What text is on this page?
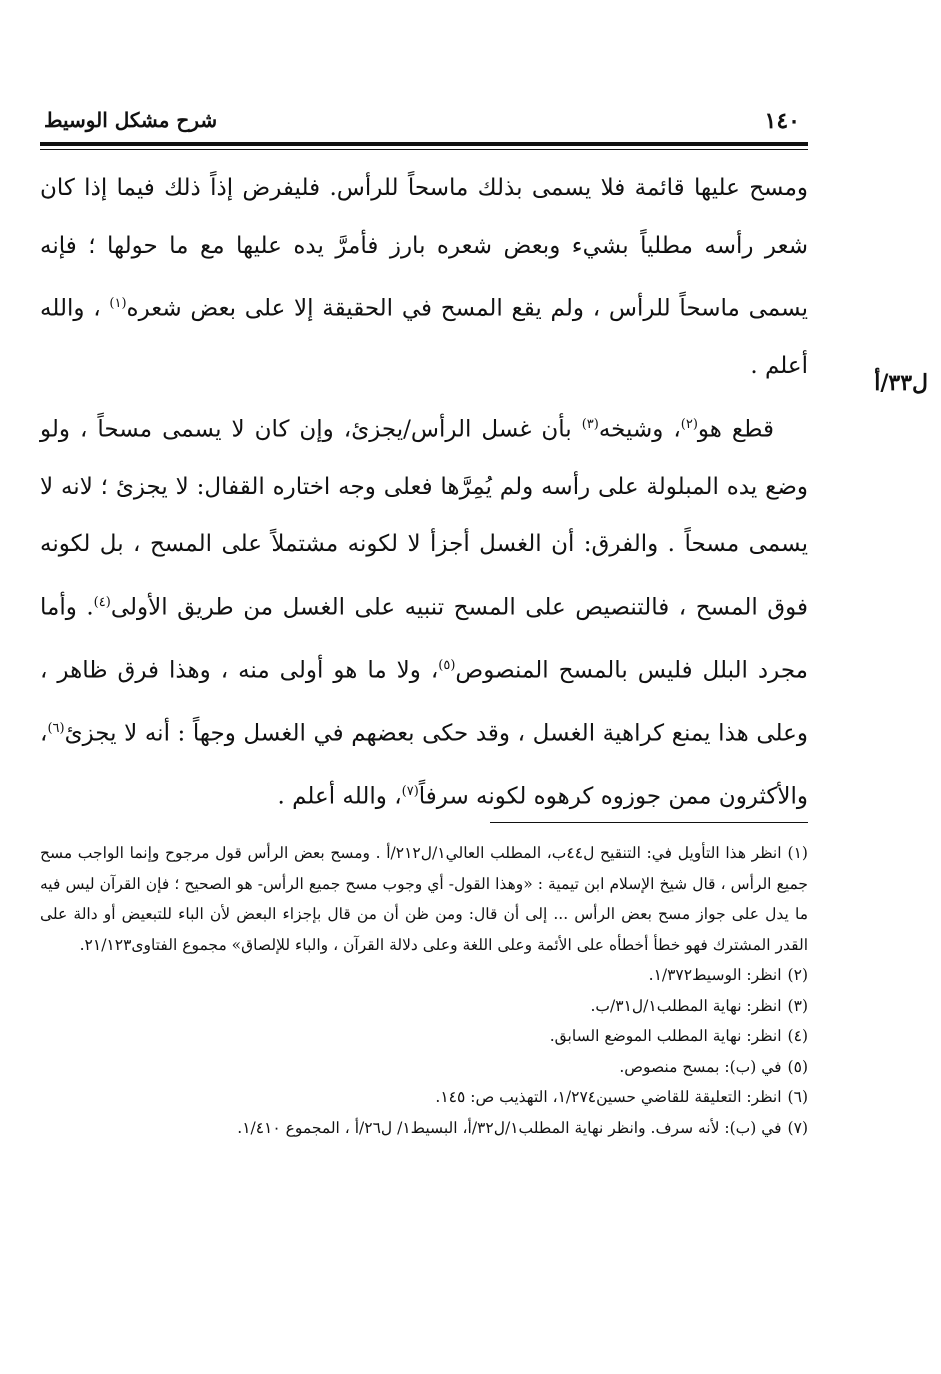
١٤٠
شرح مشكل الوسيط
ل٣٣/أ

ومسح عليها قائمة فلا يسمى بذلك ماسحاً للرأس. فليفرض إذاً ذلك فيما إذا كان شعر رأسه مطلياً بشيء وبعض شعره بارز فأمرَّ يده عليها مع ما حولها ؛ فإنه يسمى ماسحاً للرأس ، ولم يقع المسح في الحقيقة إلا على بعض شعره$^{(١)}$ ، والله أعلم .

قطع هو$^{(٢)}$، وشيخه$^{(٣)}$ بأن غسل الرأس/يجزئ، وإن كان لا يسمى مسحاً ، ولو وضع يده المبلولة على رأسه ولم يُمِرَّها فعلى وجه اختاره القفال: لا يجزئ ؛ لانه لا يسمى مسحاً . والفرق: أن الغسل أجزأ لا لكونه مشتملاً على المسح ، بل لكونه فوق المسح ، فالتنصيص على المسح تنبيه على الغسل من طريق الأولى$^{(٤)}$. وأما مجرد البلل فليس بالمسح المنصوص$^{(٥)}$، ولا ما هو أولى منه ، وهذا فرق ظاهر ، وعلى هذا يمنع كراهية الغسل ، وقد حكى بعضهم في الغسل وجهاً : أنه لا يجزئ$^{(٦)}$، والأكثرون ممن جوزوه كرهوه لكونه سرفاً$^{(٧)}$، والله أعلم .

(١)انظر هذا التأويل في: التنقيح ل٤٤ب، المطلب العالي١/ل٢١٢/أ . ومسح بعض الرأس قول مرجوح وإنما الواجب مسح جميع الرأس ، قال شيخ الإسلام ابن تيمية : «وهذا القول- أي وجوب مسح جميع الرأس- هو الصحيح ؛ فإن القرآن ليس فيه ما يدل على جواز مسح بعض الرأس ... إلى أن قال: ومن ظن أن من قال بإجزاء البعض لأن الباء للتبعيض أو دالة على القدر المشترك فهو خطأ أخطأه على الأئمة وعلى اللغة وعلى دلالة القرآن ، والباء للإلصاق» مجموع الفتاوى٢١/١٢٣.

(٢)انظر: الوسيط١/٣٧٢.

(٣)انظر: نهاية المطلب١/ل٣١/ب.

(٤)انظر: نهاية المطلب الموضع السابق.

(٥)في (ب): بمسح منصوص.

(٦)انظر: التعليقة للقاضي حسين١/٢٧٤، التهذيب ص: ١٤٥.

(٧)في (ب): لأنه سرف. وانظر نهاية المطلب١/ل٣٢/أ، البسيط١/ ل٢٦/أ ، المجموع ١/٤١٠.
